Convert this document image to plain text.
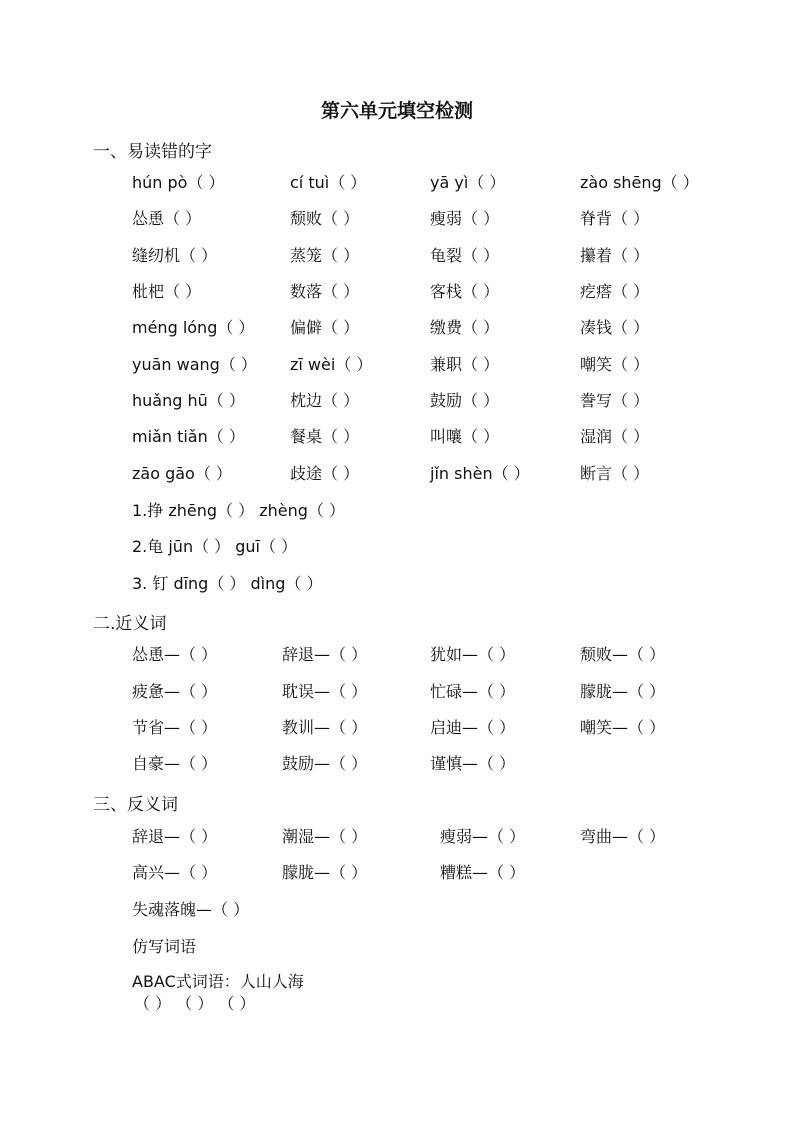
第六单元填空检测
一、易读错的字
hún pò（ ）	cí tuì（ ）	yā yì（ ）	zào shēng（ ）
怂恿（ ）	颓败（ ）	瘦弱（ ）	脊背（ ）
缝纫机（ ）	蒸笼（ ）	龟裂（ ）	攥着（ ）
枇杷（ ）	数落（ ）	客栈（ ）	疙瘩（ ）
méng lóng（ ） 偏僻（ ）	缴费（ ）	凑钱（ ）
yuān wang（ ） zī wèi（ ）	兼职（ ）	嘲笑（ ）
huǎng hū（ ）	枕边（ ）	鼓励（ ）	誊写（ ）
miǎn tiǎn（ ）	餐桌（ ）	叫嚷（ ）	湿润（ ）
zāo gāo（ ）	歧途（ ）	jǐn shèn（ ）	断言（ ）
1.挣 zhēng（ ） zhèng（ ）
2.龟 jūn（ ） guī（ ）
3. 钉 dīng（ ） dìng（ ）
二.近义词
怂恿—（ ）	辞退—（ ）	犹如—（ ）	颓败—（ ）
疲惫—（ ）	耽误—（ ）	忙碌—（ ）	朦胧—（ ）
节省—（ ）	教训—（ ）	启迪—（ ）	嘲笑—（ ）
自豪—（ ）	鼓励—（ ）	谨慎—（ ）
三、反义词
辞退—（ ）	潮湿—（ ）	瘦弱—（ ）	弯曲—（ ）
高兴—（ ）	朦胧—（ ）	糟糕—（ ）
失魂落魄—（ ）
仿写词语
ABAC式词语：人山人海
（ ） （ ） （ ）
